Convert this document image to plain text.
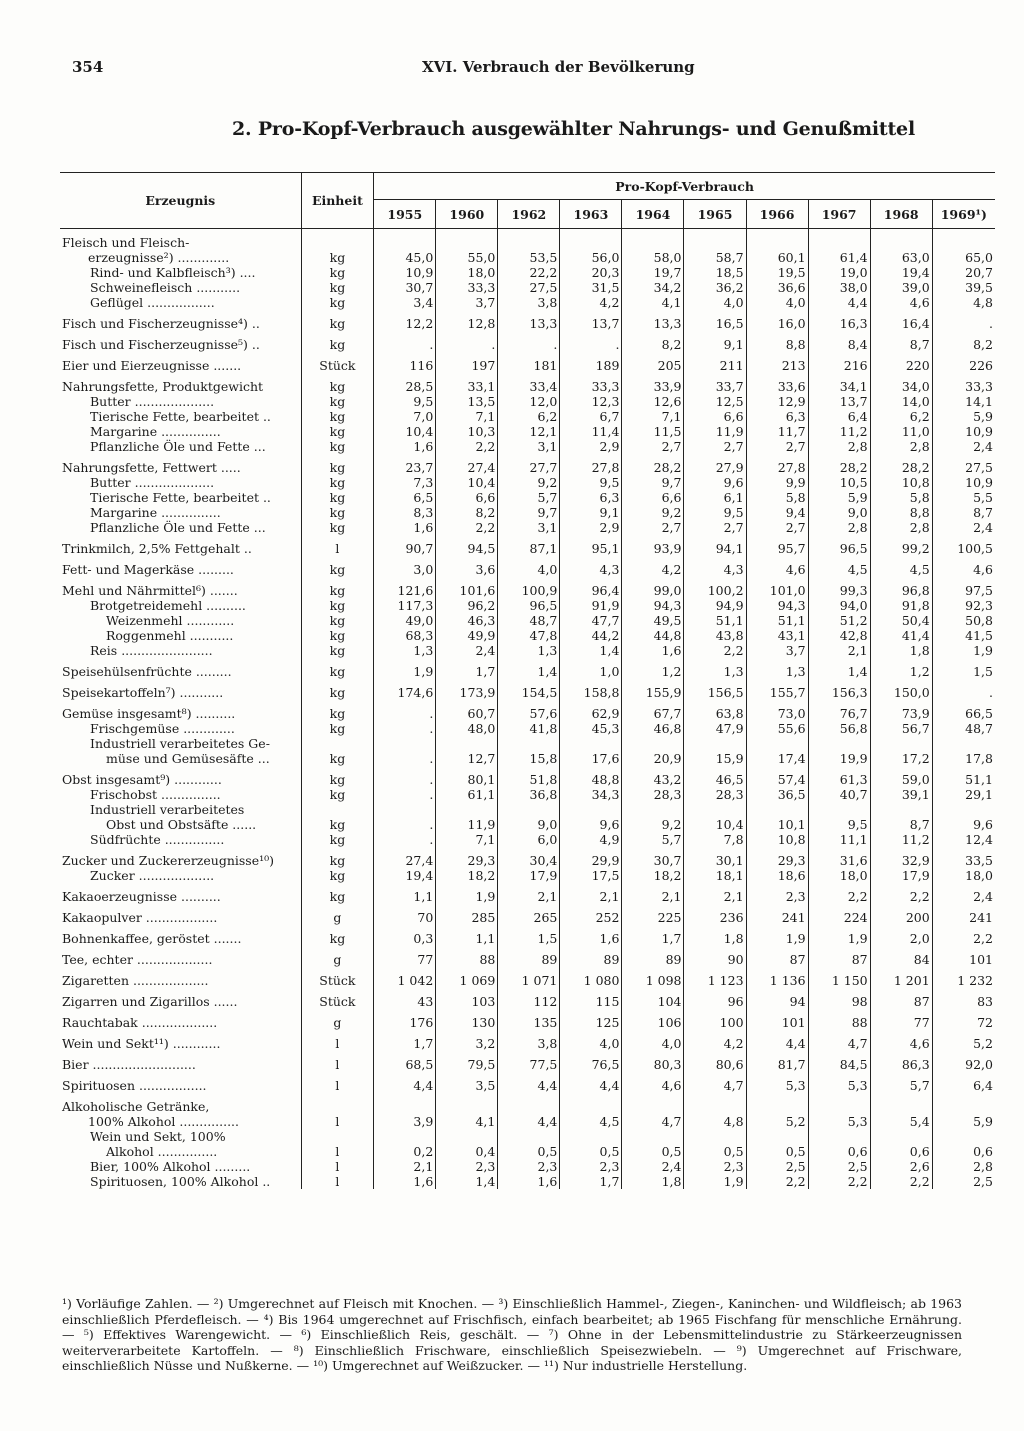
354	XVI. Verbrauch der Bevölkerung
2. Pro-Kopf-Verbrauch ausgewählter Nahrungs- und Genußmittel

Erzeugnis	Einheit	Pro-Kopf-Verbrauch									
		1955	1960	1962	1963	1964	1965	1966	1967	1968	1969¹)

Fleisch und Fleisch-											
erzeugnisse²) .............	kg	45,0	55,0	53,5	56,0	58,0	58,7	60,1	61,4	63,0	65,0
Rind- und Kalbfleisch³) ....	kg	10,9	18,0	22,2	20,3	19,7	18,5	19,5	19,0	19,4	20,7
Schweinefleisch ...........	kg	30,7	33,3	27,5	31,5	34,2	36,2	36,6	38,0	39,0	39,5
Geflügel .................	kg	3,4	3,7	3,8	4,2	4,1	4,0	4,0	4,4	4,6	4,8
Fisch und Fischerzeugnisse⁴) ..	kg	12,2	12,8	13,3	13,7	13,3	16,5	16,0	16,3	16,4	.
Fisch und Fischerzeugnisse⁵) ..	kg	.	.	.	.	8,2	9,1	8,8	8,4	8,7	8,2
Eier und Eierzeugnisse .......	Stück	116	197	181	189	205	211	213	216	220	226
Nahrungsfette, Produktgewicht	kg	28,5	33,1	33,4	33,3	33,9	33,7	33,6	34,1	34,0	33,3
Butter ....................	kg	9,5	13,5	12,0	12,3	12,6	12,5	12,9	13,7	14,0	14,1
Tierische Fette, bearbeitet ..	kg	7,0	7,1	6,2	6,7	7,1	6,6	6,3	6,4	6,2	5,9
Margarine ...............	kg	10,4	10,3	12,1	11,4	11,5	11,9	11,7	11,2	11,0	10,9
Pflanzliche Öle und Fette ...	kg	1,6	2,2	3,1	2,9	2,7	2,7	2,7	2,8	2,8	2,4
Nahrungsfette, Fettwert .....	kg	23,7	27,4	27,7	27,8	28,2	27,9	27,8	28,2	28,2	27,5
Butter ....................	kg	7,3	10,4	9,2	9,5	9,7	9,6	9,9	10,5	10,8	10,9
Tierische Fette, bearbeitet ..	kg	6,5	6,6	5,7	6,3	6,6	6,1	5,8	5,9	5,8	5,5
Margarine ...............	kg	8,3	8,2	9,7	9,1	9,2	9,5	9,4	9,0	8,8	8,7
Pflanzliche Öle und Fette ...	kg	1,6	2,2	3,1	2,9	2,7	2,7	2,7	2,8	2,8	2,4
Trinkmilch, 2,5% Fettgehalt ..	l	90,7	94,5	87,1	95,1	93,9	94,1	95,7	96,5	99,2	100,5
Fett- und Magerkäse .........	kg	3,0	3,6	4,0	4,3	4,2	4,3	4,6	4,5	4,5	4,6
Mehl und Nährmittel⁶) .......	kg	121,6	101,6	100,9	96,4	99,0	100,2	101,0	99,3	96,8	97,5
Brotgetreidemehl ..........	kg	117,3	96,2	96,5	91,9	94,3	94,9	94,3	94,0	91,8	92,3
Weizenmehl ............	kg	49,0	46,3	48,7	47,7	49,5	51,1	51,1	51,2	50,4	50,8
Roggenmehl ...........	kg	68,3	49,9	47,8	44,2	44,8	43,8	43,1	42,8	41,4	41,5
Reis .......................	kg	1,3	2,4	1,3	1,4	1,6	2,2	3,7	2,1	1,8	1,9
Speisehülsenfrüchte .........	kg	1,9	1,7	1,4	1,0	1,2	1,3	1,3	1,4	1,2	1,5
Speisekartoffeln⁷) ...........	kg	174,6	173,9	154,5	158,8	155,9	156,5	155,7	156,3	150,0	.
Gemüse insgesamt⁸) ..........	kg	.	60,7	57,6	62,9	67,7	63,8	73,0	76,7	73,9	66,5
Frischgemüse .............	kg	.	48,0	41,8	45,3	46,8	47,9	55,6	56,8	56,7	48,7
Industriell verarbeitetes Ge-											
müse und Gemüsesäfte ...	kg	.	12,7	15,8	17,6	20,9	15,9	17,4	19,9	17,2	17,8
Obst insgesamt⁹) ............	kg	.	80,1	51,8	48,8	43,2	46,5	57,4	61,3	59,0	51,1
Frischobst ...............	kg	.	61,1	36,8	34,3	28,3	28,3	36,5	40,7	39,1	29,1
Industriell verarbeitetes											
Obst und Obstsäfte ......	kg	.	11,9	9,0	9,6	9,2	10,4	10,1	9,5	8,7	9,6
Südfrüchte ...............	kg	.	7,1	6,0	4,9	5,7	7,8	10,8	11,1	11,2	12,4
Zucker und Zuckererzeugnisse¹⁰)	kg	27,4	29,3	30,4	29,9	30,7	30,1	29,3	31,6	32,9	33,5
Zucker ...................	kg	19,4	18,2	17,9	17,5	18,2	18,1	18,6	18,0	17,9	18,0
Kakaoerzeugnisse ..........	kg	1,1	1,9	2,1	2,1	2,1	2,1	2,3	2,2	2,2	2,4
Kakaopulver ..................	g	70	285	265	252	225	236	241	224	200	241
Bohnenkaffee, geröstet .......	kg	0,3	1,1	1,5	1,6	1,7	1,8	1,9	1,9	2,0	2,2
Tee, echter ...................	g	77	88	89	89	89	90	87	87	84	101
Zigaretten ...................	Stück	1 042	1 069	1 071	1 080	1 098	1 123	1 136	1 150	1 201	1 232
Zigarren und Zigarillos ......	Stück	43	103	112	115	104	96	94	98	87	83
Rauchtabak ...................	g	176	130	135	125	106	100	101	88	77	72
Wein und Sekt¹¹) ............	l	1,7	3,2	3,8	4,0	4,0	4,2	4,4	4,7	4,6	5,2
Bier ..........................	l	68,5	79,5	77,5	76,5	80,3	80,6	81,7	84,5	86,3	92,0
Spirituosen .................	l	4,4	3,5	4,4	4,4	4,6	4,7	5,3	5,3	5,7	6,4
Alkoholische Getränke,											
100% Alkohol ...............	l	3,9	4,1	4,4	4,5	4,7	4,8	5,2	5,3	5,4	5,9
Wein und Sekt, 100%											
Alkohol ...............	l	0,2	0,4	0,5	0,5	0,5	0,5	0,5	0,6	0,6	0,6
Bier, 100% Alkohol .........	l	2,1	2,3	2,3	2,3	2,4	2,3	2,5	2,5	2,6	2,8
Spirituosen, 100% Alkohol ..	l	1,6	1,4	1,6	1,7	1,8	1,9	2,2	2,2	2,2	2,5

¹) Vorläufige Zahlen. — ²) Umgerechnet auf Fleisch mit Knochen. — ³) Einschließlich Hammel-, Ziegen-, Kaninchen- und Wildfleisch; ab 1963 einschließlich Pferdefleisch. — ⁴) Bis 1964 umgerechnet auf Frischfisch, einfach bearbeitet; ab 1965 Fischfang für menschliche Ernährung. — ⁵) Effektives Warengewicht. — ⁶) Einschließlich Reis, geschält. — ⁷) Ohne in der Lebensmittelindustrie zu Stärkeerzeugnissen weiterverarbeitete Kartoffeln. — ⁸) Einschließlich Frischware, einschließlich Speisezwiebeln. — ⁹) Umgerechnet auf Frischware, einschließlich Nüsse und Nußkerne. — ¹⁰) Umgerechnet auf Weißzucker. — ¹¹) Nur industrielle Herstellung.
